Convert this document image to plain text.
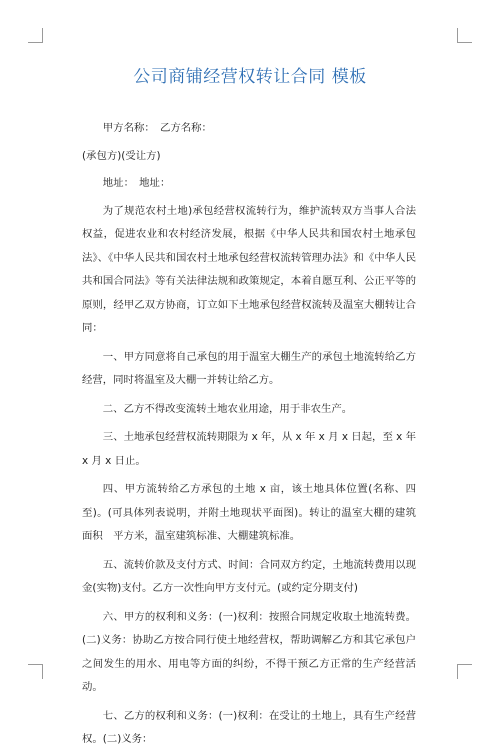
公司商铺经营权转让合同 模板

甲方名称：　乙方名称：

(承包方)(受让方)

地址：　地址：

为了规范农村土地)承包经营权流转行为，维护流转双方当事人合法权益，促进农业和农村经济发展，根据《中华人民共和国农村土地承包法》、《中华人民共和国农村土地承包经营权流转管理办法》和《中华人民共和国合同法》等有关法律法规和政策规定，本着自愿互利、公正平等的原则，经甲乙双方协商，订立如下土地承包经营权流转及温室大棚转让合同：

一、甲方同意将自己承包的用于温室大棚生产的承包土地流转给乙方经营，同时将温室及大棚一并转让给乙方。

二、乙方不得改变流转土地农业用途，用于非农生产。

三、土地承包经营权流转期限为 x 年，从 x 年 x 月 x 日起，至 x 年 x 月 x 日止。

四、甲方流转给乙方承包的土地 x 亩，该土地具体位置(名称、四至)。(可具体列表说明，并附土地现状平面图)。转让的温室大棚的建筑面积　平方米，温室建筑标准、大棚建筑标准。

五、流转价款及支付方式、时间：合同双方约定，土地流转费用以现金(实物)支付。乙方一次性向甲方支付元。(或约定分期支付)

六、甲方的权利和义务：(一)权利：按照合同规定收取土地流转费。(二)义务：协助乙方按合同行使土地经营权，帮助调解乙方和其它承包户之间发生的用水、用电等方面的纠纷，不得干预乙方正常的生产经营活动。

七、乙方的权利和义务：(一)权利：在受让的土地上，具有生产经营权。(二)义务：
